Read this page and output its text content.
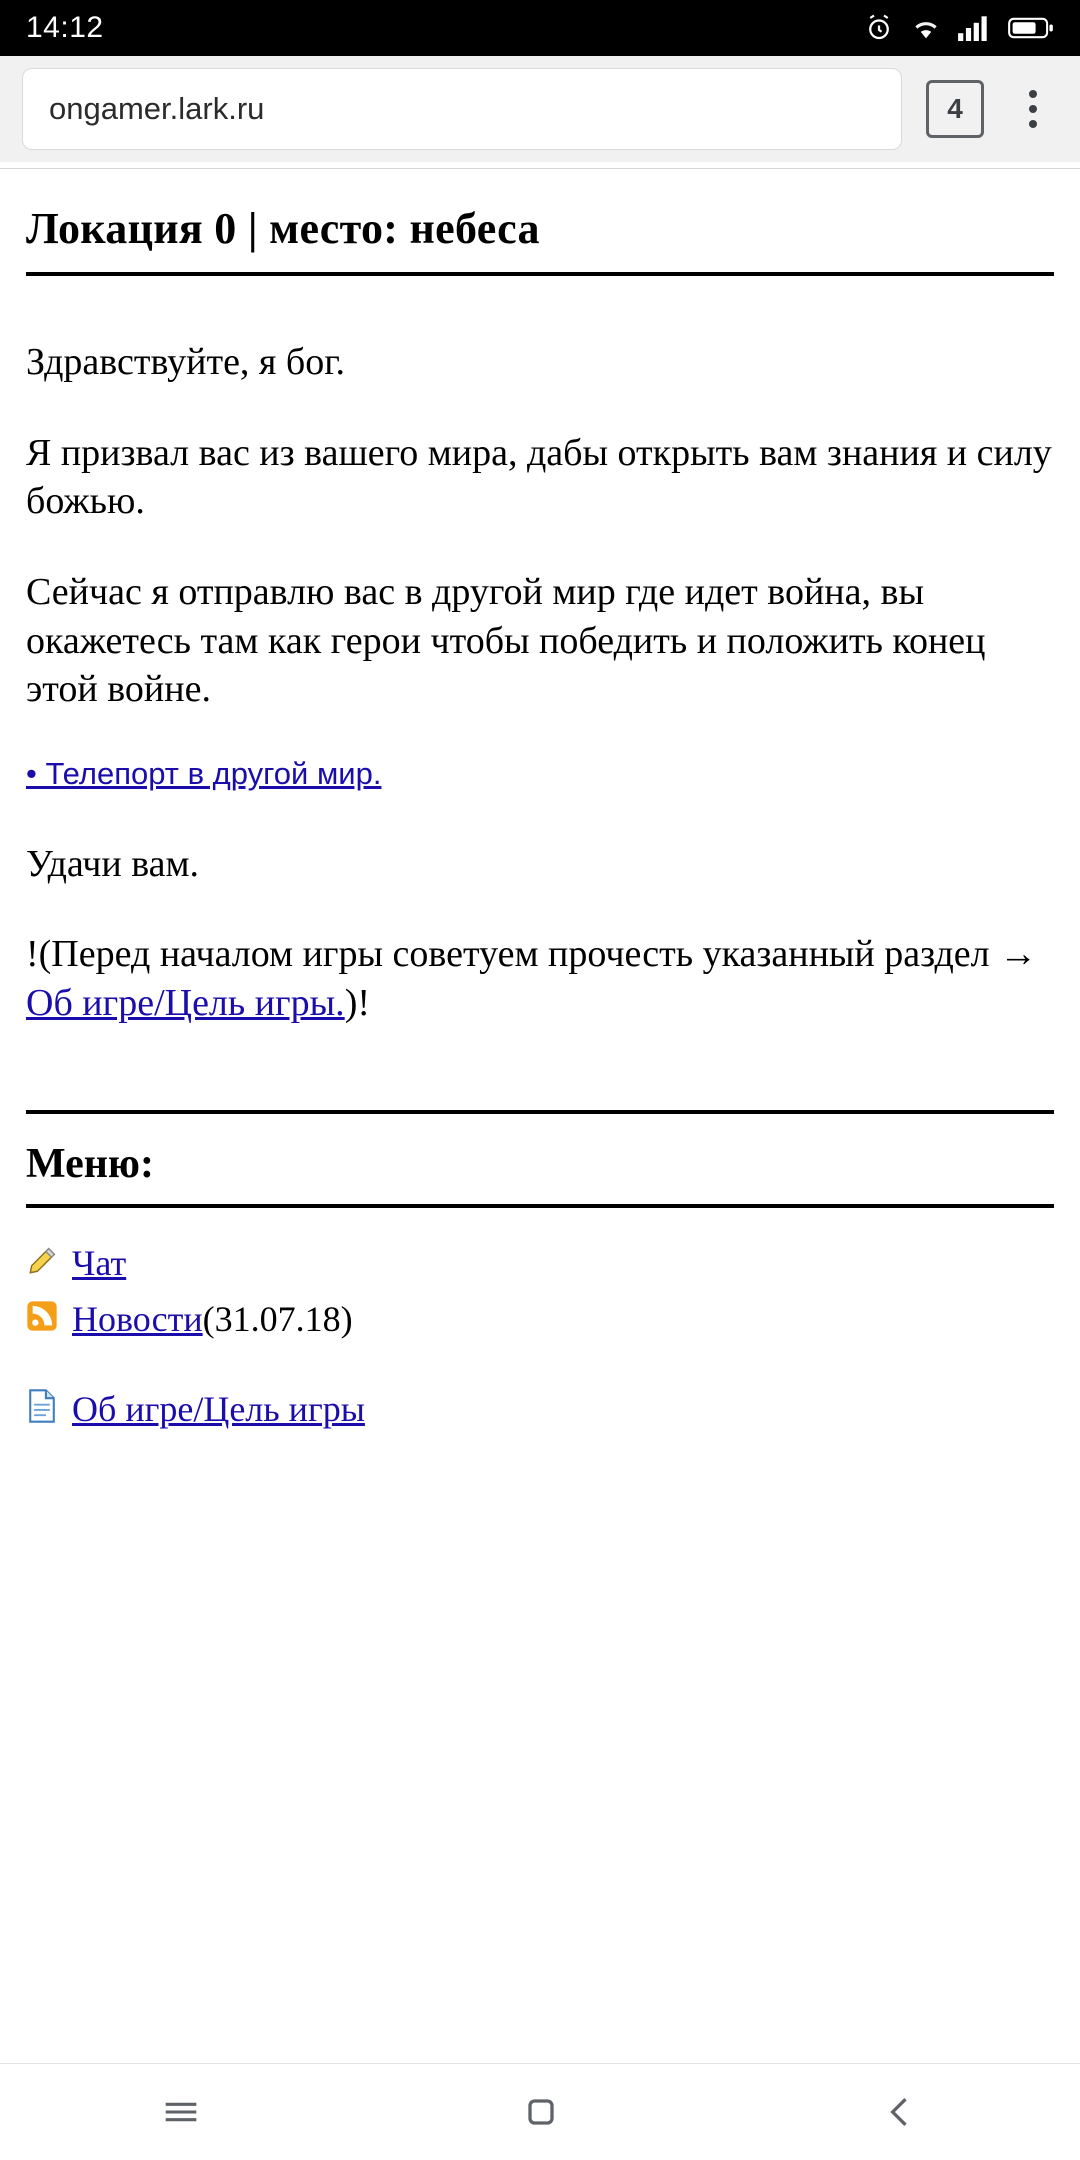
14:12
ongamer.lark.ru	4
Локация 0 | место: небеса

Здравствуйте, я бог.

Я призвал вас из вашего мира, дабы открыть вам знания и силу божью.

Сейчас я отправлю вас в другой мир где идет война, вы окажетесь там как герои чтобы победить и положить конец этой войне.

• Телепорт в другой мир.

Удачи вам.

!(Перед началом игры советуем прочесть указанный раздел → Об игре/Цель игры.)!

Меню:
Чат
Новости (31.07.18)
Об игре/Цель игры
